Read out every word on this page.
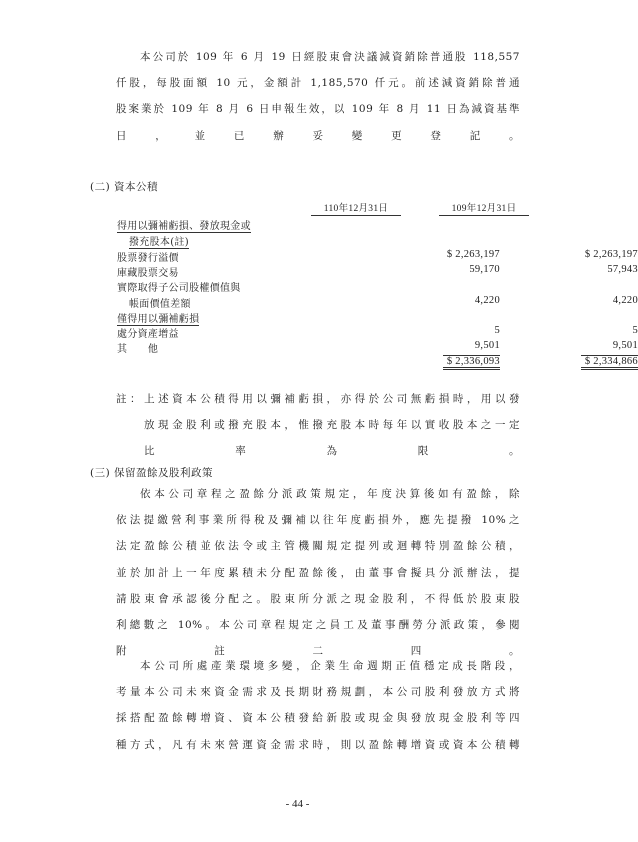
本公司於 109 年 6 月 19 日經股東會決議減資銷除普通股 118,557
仟股，每股面額 10 元，金額計 1,185,570 仟元。前述減資銷除普通
股案業於 109 年 8 月 6 日申報生效，以 109 年 8 月 11 日為減資基準
日，並已辦妥變更登記。
(二) 資本公積
110年12月31日	109年12月31日
得用以彌補虧損、發放現金或
撥充股本(註)
股票發行溢價	$ 2,263,197	$ 2,263,197
庫藏股票交易	59,170	57,943
實際取得子公司股權價值與
帳面價值差額	4,220	4,220
僅得用以彌補虧損
處分資產增益	5	5
其　　他	9,501	9,501
$ 2,336,093	$ 2,334,866
註：上述資本公積得用以彌補虧損，亦得於公司無虧損時，用以發
放現金股利或撥充股本，惟撥充股本時每年以實收股本之一定
比率為限。
(三) 保留盈餘及股利政策
依本公司章程之盈餘分派政策規定，年度決算後如有盈餘，除
依法提繳營利事業所得稅及彌補以往年度虧損外，應先提撥 10%之
法定盈餘公積並依法令或主管機關規定提列或迴轉特別盈餘公積，
並於加計上一年度累積未分配盈餘後，由董事會擬具分派辦法，提
請股東會承認後分配之。股東所分派之現金股利，不得低於股東股
利總數之 10%。本公司章程規定之員工及董事酬勞分派政策，參閱
附註二四。
本公司所處產業環境多變，企業生命週期正值穩定成長階段，
考量本公司未來資金需求及長期財務規劃，本公司股利發放方式將
採搭配盈餘轉增資、資本公積發給新股或現金與發放現金股利等四
種方式，凡有未來營運資金需求時，則以盈餘轉增資或資本公積轉
- 44 -
